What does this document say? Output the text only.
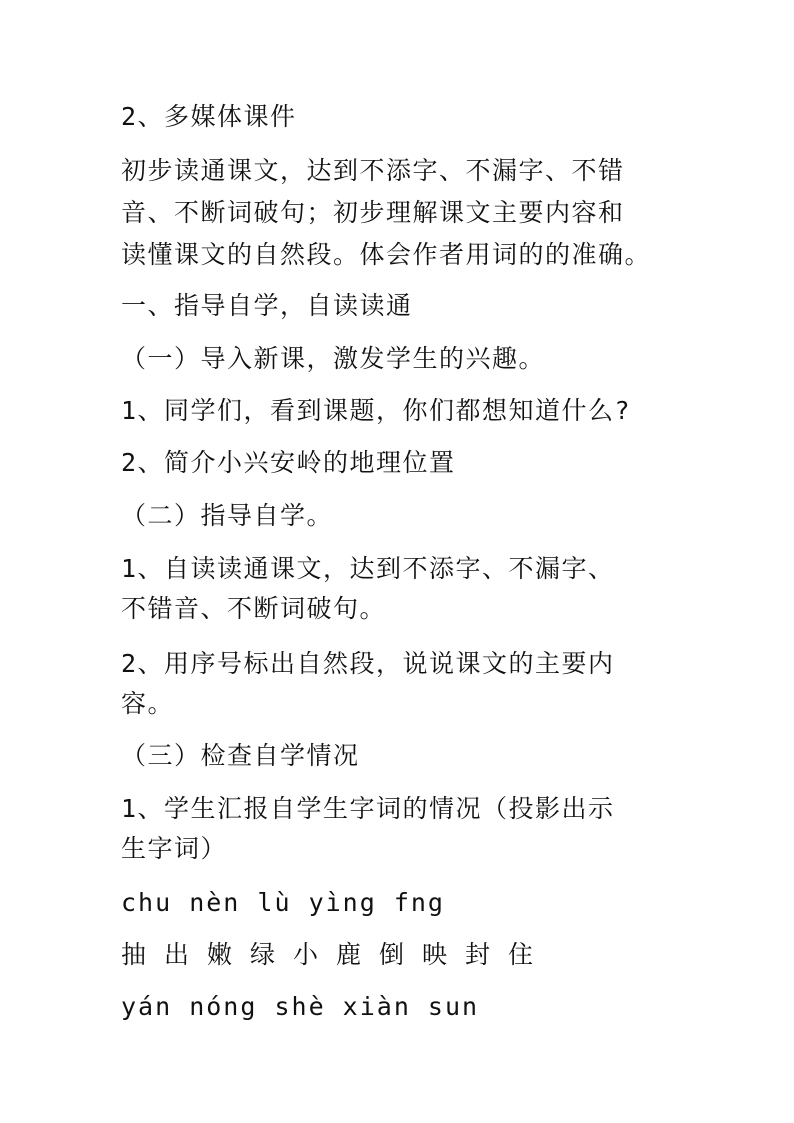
2、多媒体课件
初步读通课文，达到不添字、不漏字、不错
音、不断词破句；初步理解课文主要内容和
读懂课文的自然段。体会作者用词的的准确。
一、指导自学，自读读通
（一）导入新课，激发学生的兴趣。
1、同学们，看到课题，你们都想知道什么?
2、简介小兴安岭的地理位置
（二）指导自学。
1、自读读通课文，达到不添字、不漏字、
不错音、不断词破句。
2、用序号标出自然段，说说课文的主要内
容。
（三）检查自学情况
1、学生汇报自学生字词的情况（投影出示
生字词）
chu nèn lù yìng fng
抽出嫩绿小鹿倒映封住
yán nóng shè xiàn sun
